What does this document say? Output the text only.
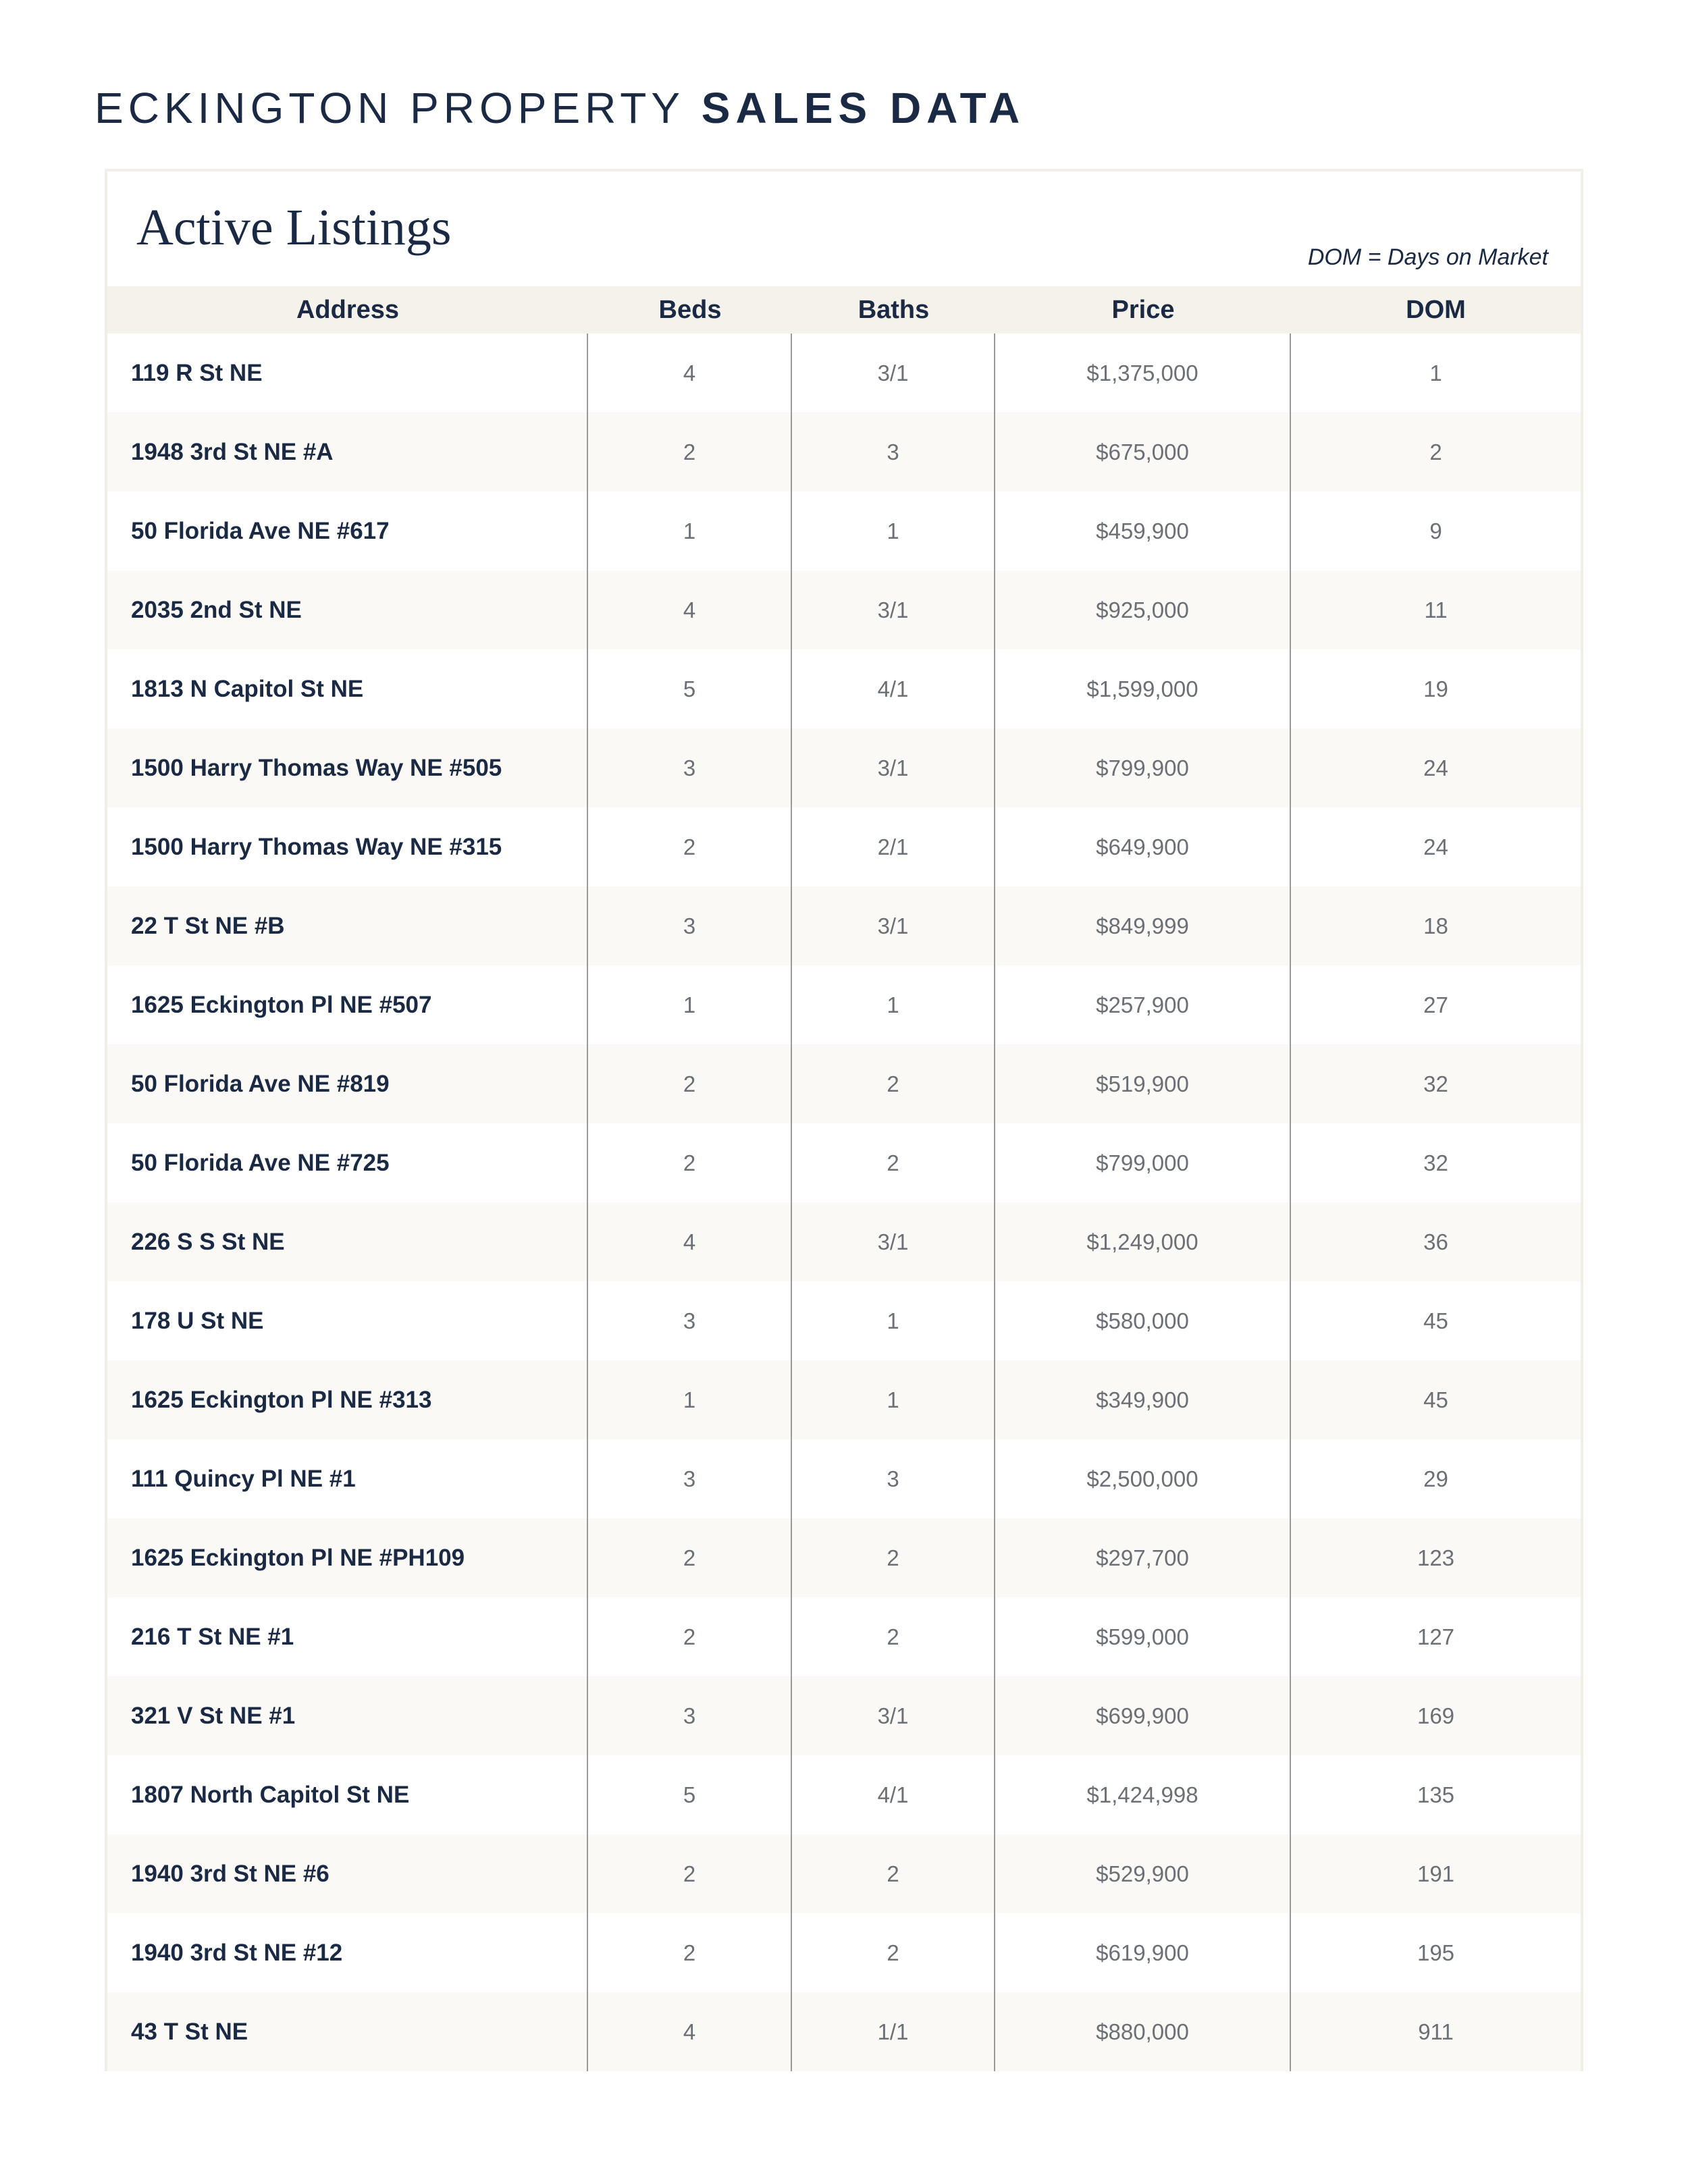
ECKINGTON PROPERTY SALES DATA
Active Listings
DOM = Days on Market
Address	Beds	Baths	Price	DOM
119 R St NE	4	3/1	$1,375,000	1
1948 3rd St NE #A	2	3	$675,000	2
50 Florida Ave NE #617	1	1	$459,900	9
2035 2nd St NE	4	3/1	$925,000	11
1813 N Capitol St NE	5	4/1	$1,599,000	19
1500 Harry Thomas Way NE #505	3	3/1	$799,900	24
1500 Harry Thomas Way NE #315	2	2/1	$649,900	24
22 T St NE #B	3	3/1	$849,999	18
1625 Eckington Pl NE #507	1	1	$257,900	27
50 Florida Ave NE #819	2	2	$519,900	32
50 Florida Ave NE #725	2	2	$799,000	32
226 S S St NE	4	3/1	$1,249,000	36
178 U St NE	3	1	$580,000	45
1625 Eckington Pl NE #313	1	1	$349,900	45
111 Quincy Pl NE #1	3	3	$2,500,000	29
1625 Eckington Pl NE #PH109	2	2	$297,700	123
216 T St NE #1	2	2	$599,000	127
321 V St NE #1	3	3/1	$699,900	169
1807 North Capitol St NE	5	4/1	$1,424,998	135
1940 3rd St NE #6	2	2	$529,900	191
1940 3rd St NE #12	2	2	$619,900	195
43 T St NE	4	1/1	$880,000	911
